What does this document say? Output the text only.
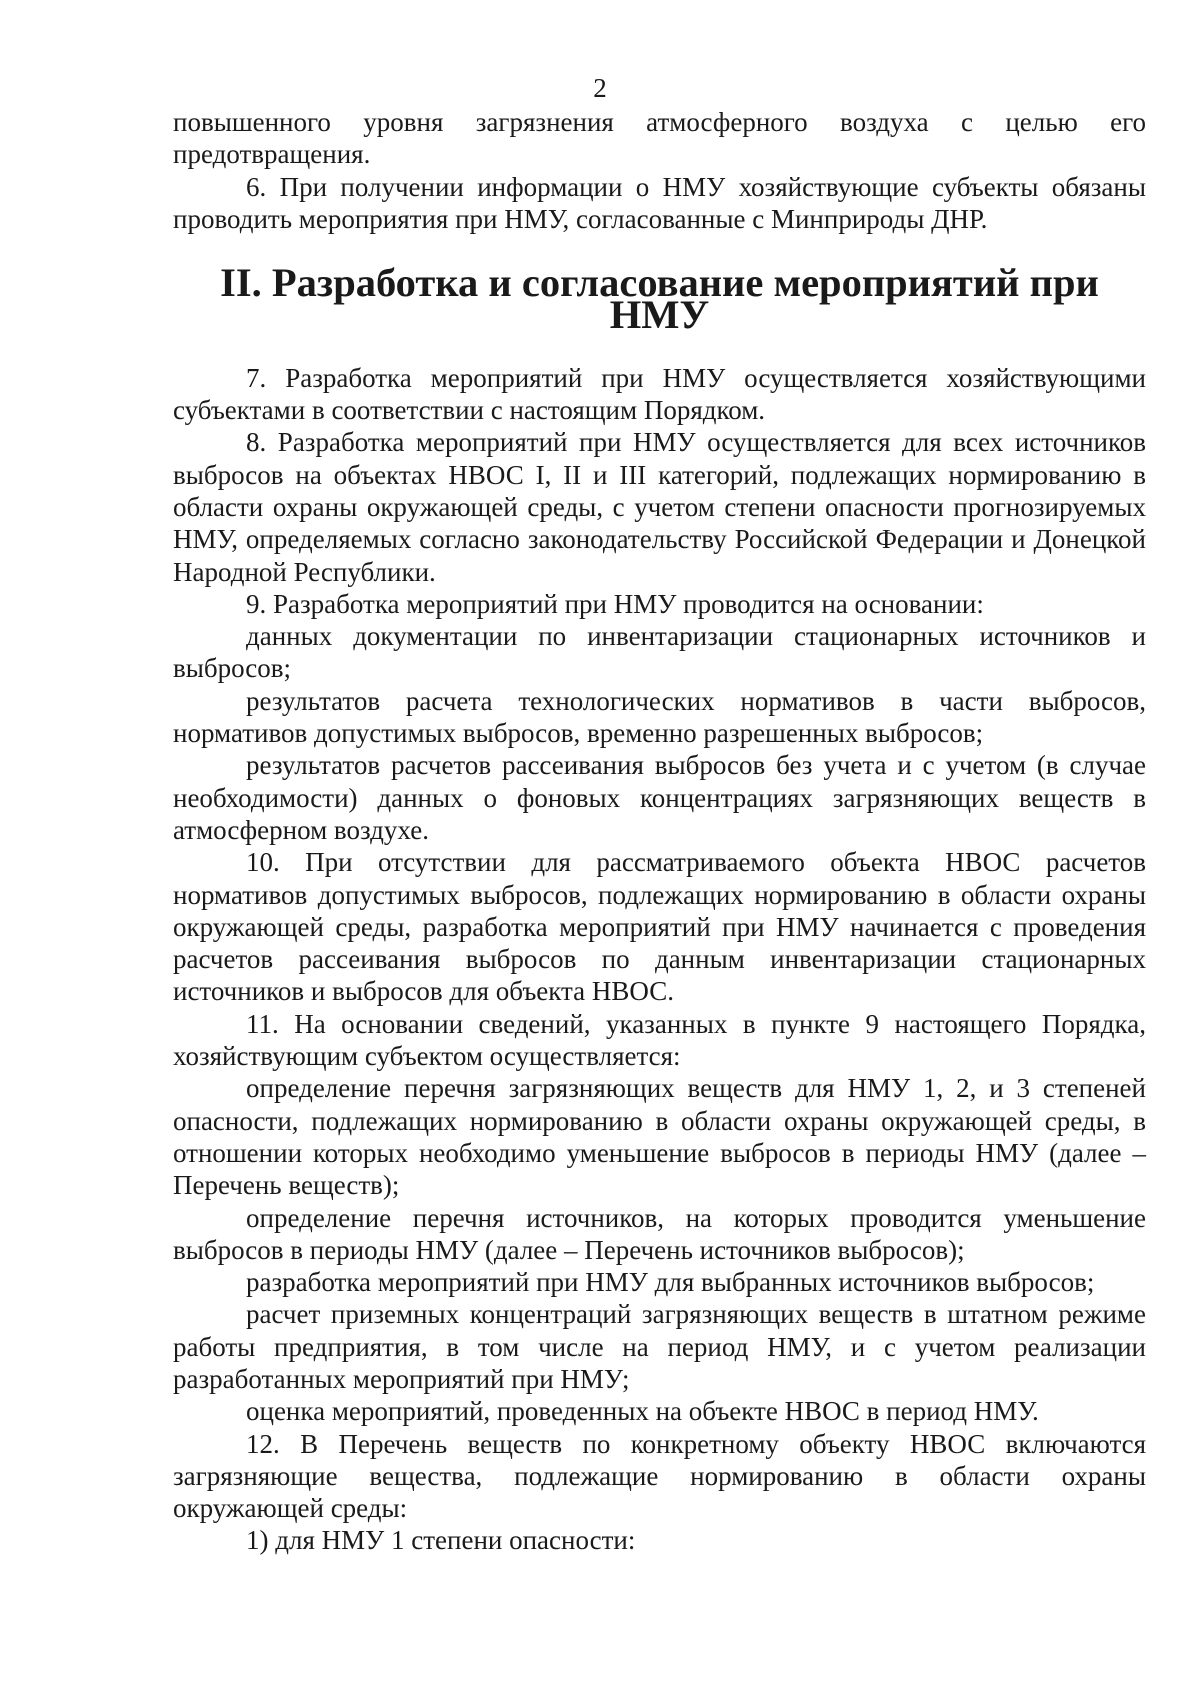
2

повышенного уровня загрязнения атмосферного воздуха с целью его предотвращения.

6. При получении информации о НМУ хозяйствующие субъекты обязаны проводить мероприятия при НМУ, согласованные с Минприроды ДНР.

II. Разработка и согласование мероприятий при НМУ

7. Разработка мероприятий при НМУ осуществляется хозяйствующими субъектами в соответствии с настоящим Порядком.

8. Разработка мероприятий при НМУ осуществляется для всех источников выбросов на объектах НВОС I, II и III категорий, подлежащих нормированию в области охраны окружающей среды, с учетом степени опасности прогнозируемых НМУ, определяемых согласно законодательству Российской Федерации и Донецкой Народной Республики.

9. Разработка мероприятий при НМУ проводится на основании:

данных документации по инвентаризации стационарных источников и выбросов;

результатов расчета технологических нормативов в части выбросов, нормативов допустимых выбросов, временно разрешенных выбросов;

результатов расчетов рассеивания выбросов без учета и с учетом (в случае необходимости) данных о фоновых концентрациях загрязняющих веществ в атмосферном воздухе.

10. При отсутствии для рассматриваемого объекта НВОС расчетов нормативов допустимых выбросов, подлежащих нормированию в области охраны окружающей среды, разработка мероприятий при НМУ начинается с проведения расчетов рассеивания выбросов по данным инвентаризации стационарных источников и выбросов для объекта НВОС.

11. На основании сведений, указанных в пункте 9 настоящего Порядка, хозяйствующим субъектом осуществляется:

определение перечня загрязняющих веществ для НМУ 1, 2, и 3 степеней опасности, подлежащих нормированию в области охраны окружающей среды, в отношении которых необходимо уменьшение выбросов в периоды НМУ (далее – Перечень веществ);

определение перечня источников, на которых проводится уменьшение выбросов в периоды НМУ (далее – Перечень источников выбросов);

разработка мероприятий при НМУ для выбранных источников выбросов;

расчет приземных концентраций загрязняющих веществ в штатном режиме работы предприятия, в том числе на период НМУ, и с учетом реализации разработанных мероприятий при НМУ;

оценка мероприятий, проведенных на объекте НВОС в период НМУ.

12. В Перечень веществ по конкретному объекту НВОС включаются загрязняющие вещества, подлежащие нормированию в области охраны окружающей среды:

1) для НМУ 1 степени опасности:
